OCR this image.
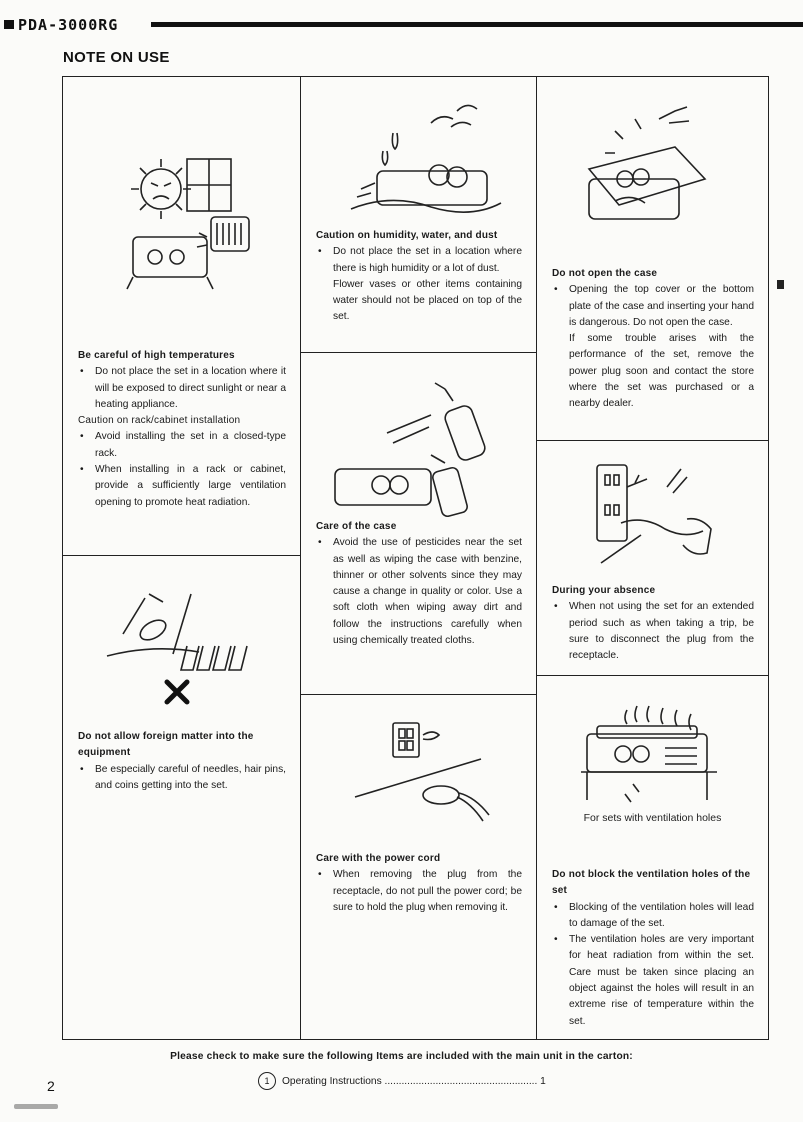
PDA-3000RG
NOTE ON USE
Be careful of high temperatures
• Do not place the set in a location where it will be exposed to direct sunlight or near a heating appliance.
Caution on rack/cabinet installation
• Avoid installing the set in a closed-type rack.
• When installing in a rack or cabinet, provide a sufficiently large ventilation opening to promote heat radiation.
Do not allow foreign matter into the equipment
• Be especially careful of needles, hair pins, and coins getting into the set.
Caution on humidity, water, and dust
• Do not place the set in a location where there is high humidity or a lot of dust.
Flower vases or other items containing water should not be placed on top of the set.
Care of the case
• Avoid the use of pesticides near the set as well as wiping the case with benzine, thinner or other solvents since they may cause a change in quality or color. Use a soft cloth when wiping away dirt and follow the instructions carefully when using chemically treated cloths.
Care with the power cord
• When removing the plug from the receptacle, do not pull the power cord; be sure to hold the plug when removing it.
Do not open the case
• Opening the top cover or the bottom plate of the case and inserting your hand is dangerous. Do not open the case.
If some trouble arises with the performance of the set, remove the power plug soon and contact the store where the set was purchased or a nearby dealer.
During your absence
• When not using the set for an extended period such as when taking a trip, be sure to disconnect the plug from the receptacle.
For sets with ventilation holes
Do not block the ventilation holes of the set
• Blocking of the ventilation holes will lead to damage of the set.
• The ventilation holes are very important for heat radiation from within the set. Care must be taken since placing an object against the holes will result in an extreme rise of temperature within the set.
Please check to make sure the following Items are included with the main unit in the carton:
1 Operating Instructions ...................................................... 1
2
